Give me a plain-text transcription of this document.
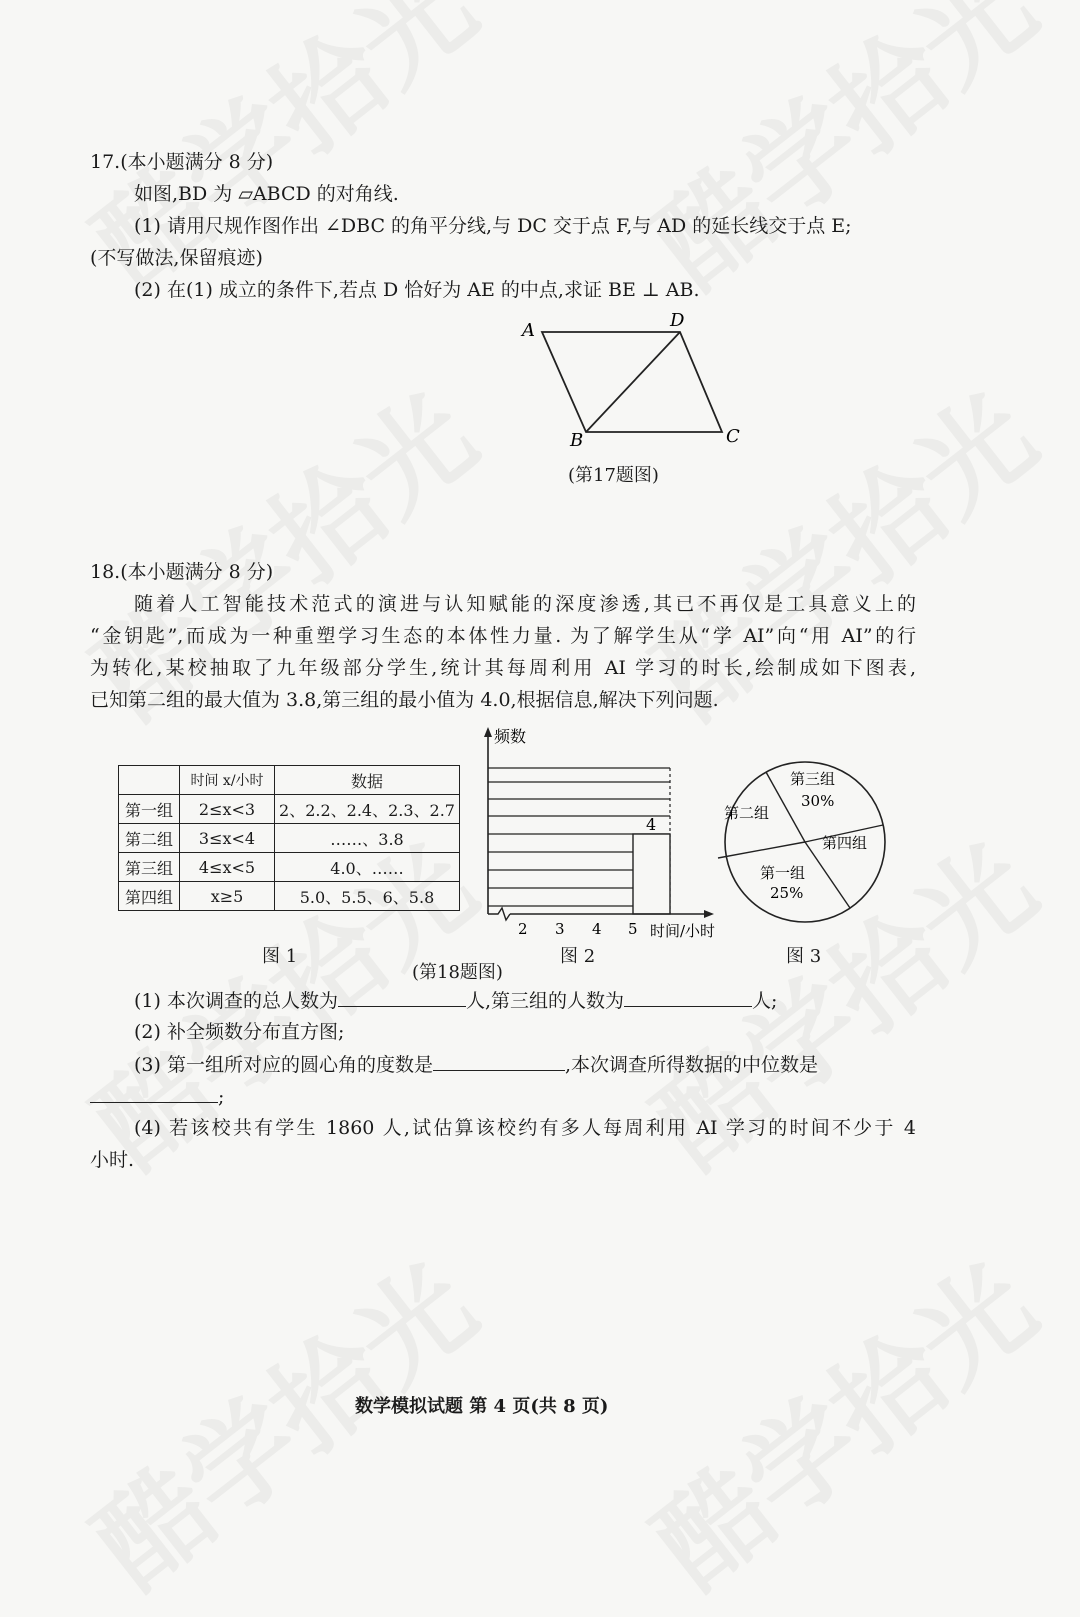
17.(本小题满分 8 分)
如图,BD 为 ▱ABCD 的对角线.
(1) 请用尺规作图作出 ∠DBC 的角平分线,与 DC 交于点 F,与 AD 的延长线交于点 E;
(不写做法,保留痕迹)
(2) 在(1) 成立的条件下,若点 D 恰好为 AE 的中点,求证 BE ⊥ AB.
A	D
B	C
(第17题图)
18.(本小题满分 8 分)
随着人工智能技术范式的演进与认知赋能的深度渗透,其已不再仅是工具意义上的
“金钥匙”,而成为一种重塑学习生态的本体性力量. 为了解学生从“学 AI”向“用 AI”的行
为转化,某校抽取了九年级部分学生,统计其每周利用 AI 学习的时长,绘制成如下图表,
已知第二组的最大值为 3.8,第三组的最小值为 4.0,根据信息,解决下列问题.
	时间 x/小时	数据
第一组	2≤x<3	2、2.2、2.4、2.3、2.7
第二组	3≤x<4	……、3.8
第三组	4≤x<5	4.0、……
第四组	x≥5	5.0、5.5、6、5.8
图 1
频数
4
2 3 4 5 时间/小时
图 2
第三组
30%
第二组
第四组
第一组
25%
图 3
(第18题图)
(1) 本次调查的总人数为	人,第三组的人数为	人;
(2) 补全频数分布直方图;
(3) 第一组所对应的圆心角的度数是	,本次调查所得数据的中位数是
;
(4) 若该校共有学生 1860 人,试估算该校约有多人每周利用 AI 学习的时间不少于 4
小时.
数学模拟试题 第 4 页(共 8 页)
